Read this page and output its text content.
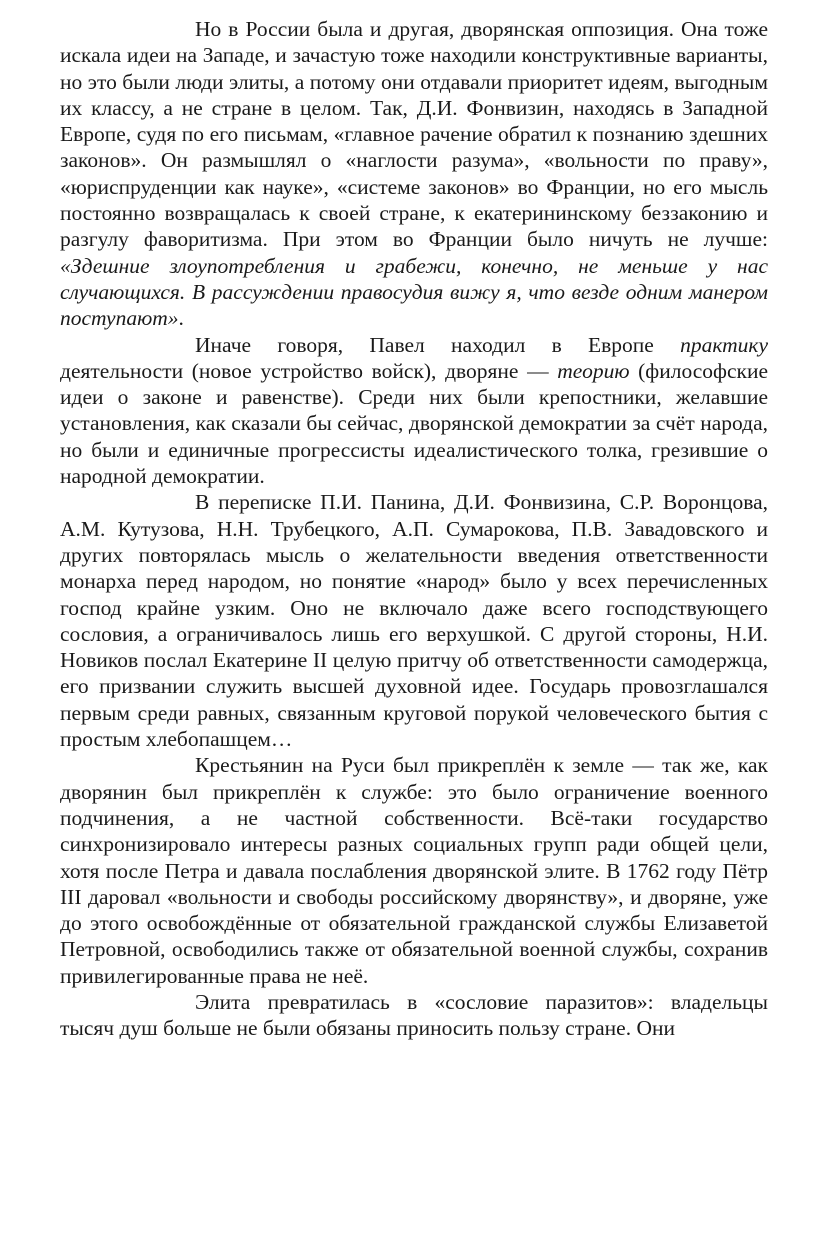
Но в России была и другая, дворянская оппозиция. Она тоже искала идеи на Западе, и зачастую тоже находили конструктивные варианты, но это были люди элиты, а потому они отдавали приоритет идеям, выгодным их классу, а не стране в целом. Так, Д.И. Фонвизин, находясь в Западной Европе, судя по его письмам, «главное рачение обратил к познанию здешних законов». Он размышлял о «наглости разума», «вольности по праву», «юриспруденции как науке», «системе законов» во Франции, но его мысль постоянно возвращалась к своей стране, к екатерининскому беззаконию и разгулу фаворитизма. При этом во Франции было ничуть не лучше: «Здешние злоупотребления и грабежи, конечно, не меньше у нас случающихся. В рассуждении правосудия вижу я, что везде одним манером поступают».

Иначе говоря, Павел находил в Европе практику деятельности (новое устройство войск), дворяне — теорию (философские идеи о законе и равенстве). Среди них были крепостники, желавшие установления, как сказали бы сейчас, дворянской демократии за счёт народа, но были и единичные прогрессисты идеалистического толка, грезившие о народной демократии.

В переписке П.И. Панина, Д.И. Фонвизина, С.Р. Воронцова, А.М. Кутузова, Н.Н. Трубецкого, А.П. Сумарокова, П.В. Завадовского и других повторялась мысль о желательности введения ответственности монарха перед народом, но понятие «народ» было у всех перечисленных господ крайне узким. Оно не включало даже всего господствующего сословия, а ограничивалось лишь его верхушкой. С другой стороны, Н.И. Новиков послал Екатерине II целую притчу об ответственности самодержца, его призвании служить высшей духовной идее. Государь провозглашался первым среди равных, связанным круговой порукой человеческого бытия с простым хлебопашцем…

Крестьянин на Руси был прикреплён к земле — так же, как дворянин был прикреплён к службе: это было ограничение военного подчинения, а не частной собственности. Всё-таки государство синхронизировало интересы разных социальных групп ради общей цели, хотя после Петра и давала послабления дворянской элите. В 1762 году Пётр III даровал «вольности и свободы российскому дворянству», и дворяне, уже до этого освобождённые от обязательной гражданской службы Елизаветой Петровной, освободились также от обязательной военной службы, сохранив привилегированные права не неё.

Элита превратилась в «сословие паразитов»: владельцы тысяч душ больше не были обязаны приносить пользу стране. Они
